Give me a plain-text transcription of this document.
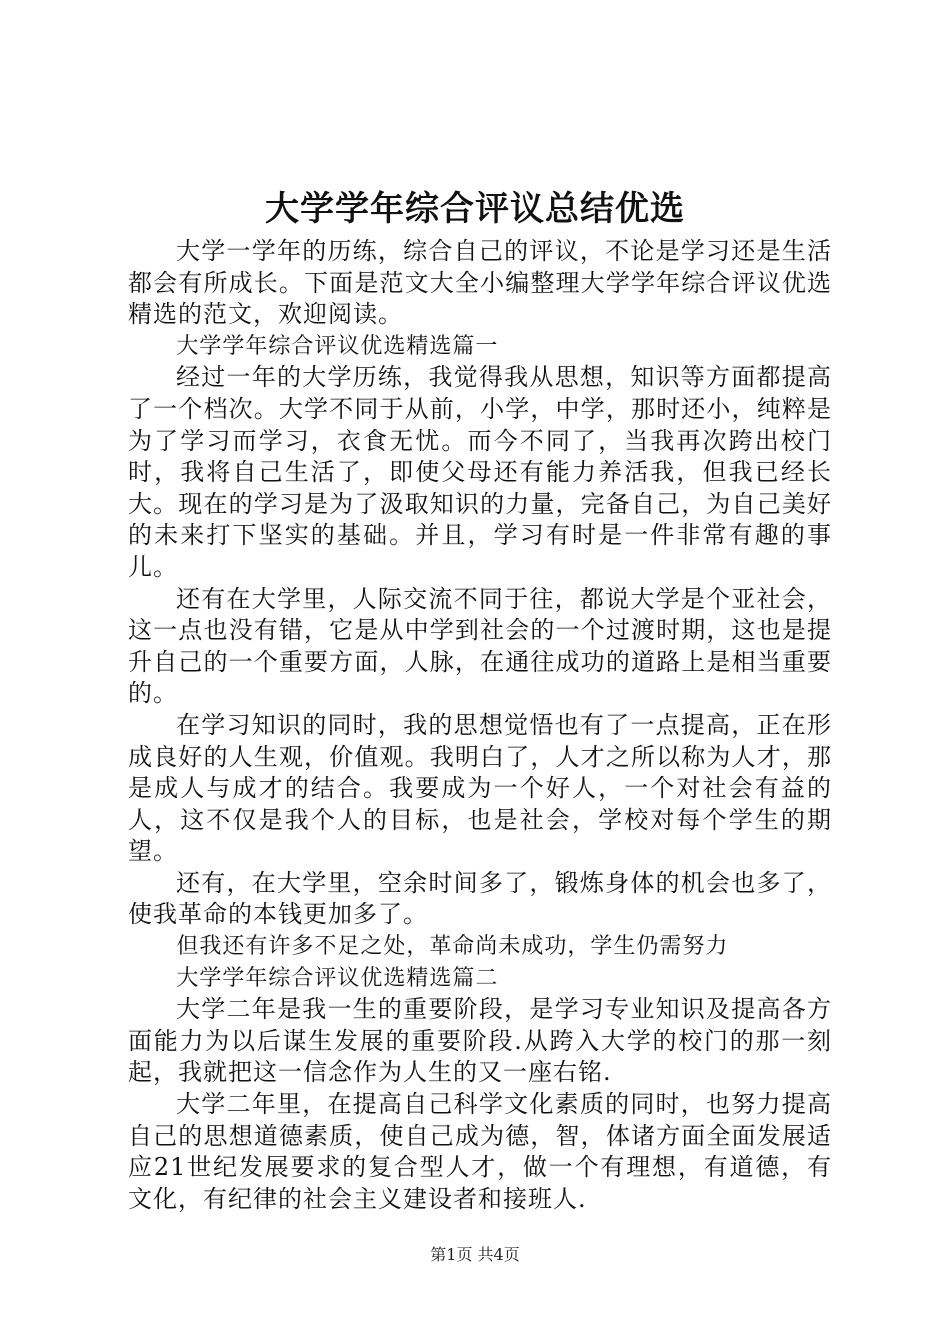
大学学年综合评议总结优选

大学一学年的历练，综合自己的评议，不论是学习还是生活都会有所成长。下面是范文大全小编整理大学学年综合评议优选精选的范文，欢迎阅读。

大学学年综合评议优选精选篇一

经过一年的大学历练，我觉得我从思想，知识等方面都提高了一个档次。大学不同于从前，小学，中学，那时还小，纯粹是为了学习而学习，衣食无忧。而今不同了，当我再次跨出校门时，我将自己生活了，即使父母还有能力养活我，但我已经长大。现在的学习是为了汲取知识的力量，完备自己，为自己美好的未来打下坚实的基础。并且，学习有时是一件非常有趣的事儿。

还有在大学里，人际交流不同于往，都说大学是个亚社会，这一点也没有错，它是从中学到社会的一个过渡时期，这也是提升自己的一个重要方面，人脉，在通往成功的道路上是相当重要的。

在学习知识的同时，我的思想觉悟也有了一点提高，正在形成良好的人生观，价值观。我明白了，人才之所以称为人才，那是成人与成才的结合。我要成为一个好人，一个对社会有益的人，这不仅是我个人的目标，也是社会，学校对每个学生的期望。

还有，在大学里，空余时间多了，锻炼身体的机会也多了，使我革命的本钱更加多了。

但我还有许多不足之处，革命尚未成功，学生仍需努力

大学学年综合评议优选精选篇二

大学二年是我一生的重要阶段，是学习专业知识及提高各方面能力为以后谋生发展的重要阶段.从跨入大学的校门的那一刻起，我就把这一信念作为人生的又一座右铭.

大学二年里，在提高自己科学文化素质的同时，也努力提高自己的思想道德素质，使自己成为德，智，体诸方面全面发展适应21世纪发展要求的复合型人才，做一个有理想，有道德，有文化，有纪律的社会主义建设者和接班人.

第1页 共4页
